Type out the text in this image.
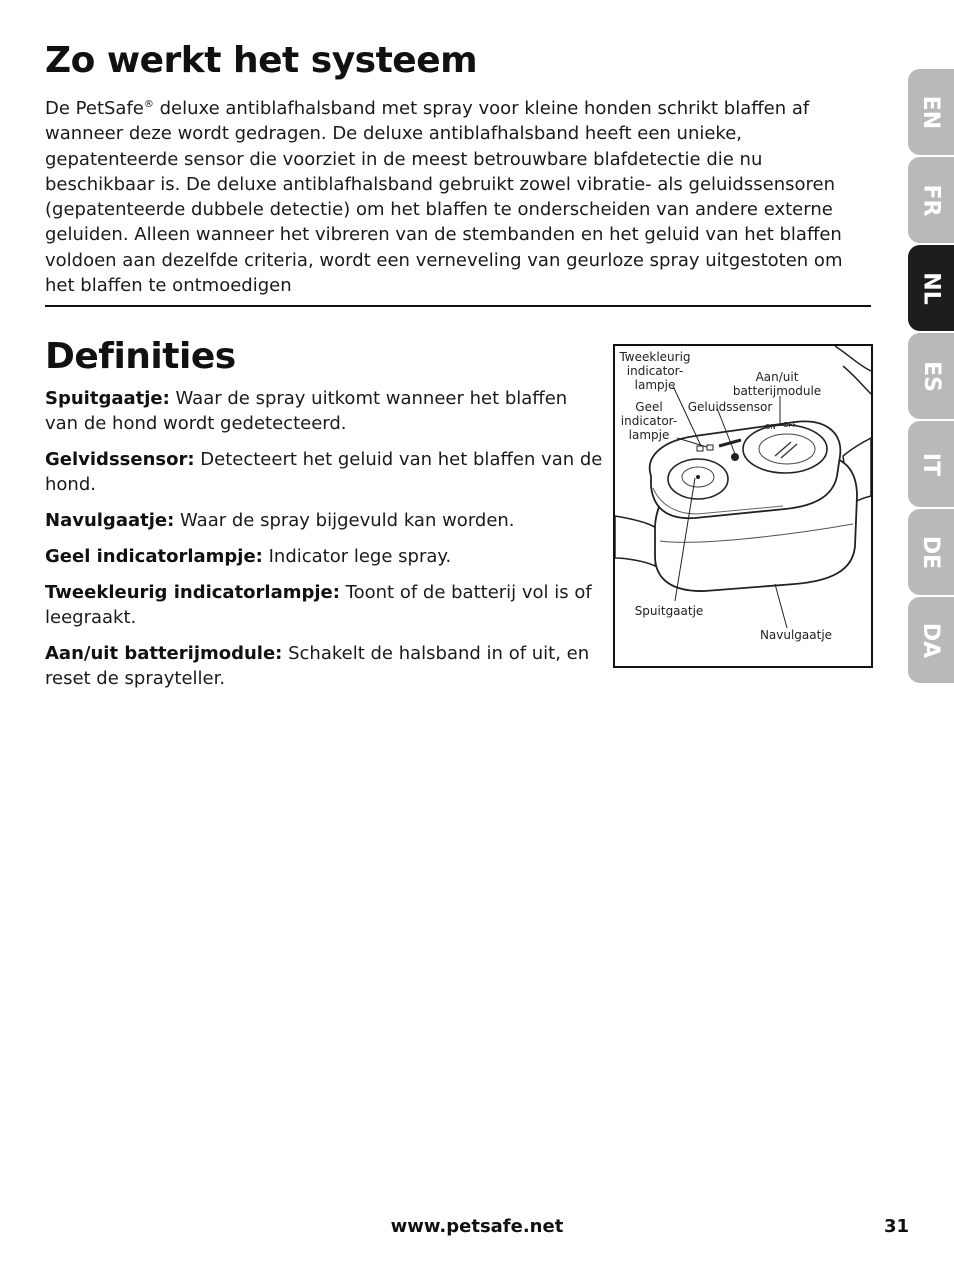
Zo werkt het systeem

De PetSafe® deluxe antiblafhalsband met spray voor kleine honden schrikt blaffen af wanneer deze wordt gedragen. De deluxe antiblafhalsband heeft een unieke, gepatenteerde sensor die voorziet in de meest betrouwbare blafdetectie die nu beschikbaar is. De deluxe antiblafhalsband gebruikt zowel vibratie- als geluidssensoren (gepatenteerde dubbele detectie) om het blaffen te onderscheiden van andere externe geluiden. Alleen wanneer het vibreren van de stembanden en het geluid van het blaffen voldoen aan dezelfde criteria, wordt een verneveling van geurloze spray uitgestoten om het blaffen te ontmoedigen

Definities

Spuitgaatje: Waar de spray uitkomt wanneer het blaffen van de hond wordt gedetecteerd.

Gelvidssensor: Detecteert het geluid van het blaffen van de hond.

Navulgaatje: Waar de spray bijgevuld kan worden.

Geel indicatorlampje: Indicator lege spray.

Tweekleurig indicatorlampje: Toont of de batterij vol is of leegraakt.

Aan/uit batterijmodule: Schakelt de halsband in of uit, en reset de sprayteller.

Tweekleurig
indicator-
lampje
Aan/uit
batterijmodule
Geel
indicator-
lampje
Geluidssensor
ON OFF
Spuitgaatje
Navulgaatje
EN
FR
NL
ES
IT
DE
DA
www.petsafe.net	31
